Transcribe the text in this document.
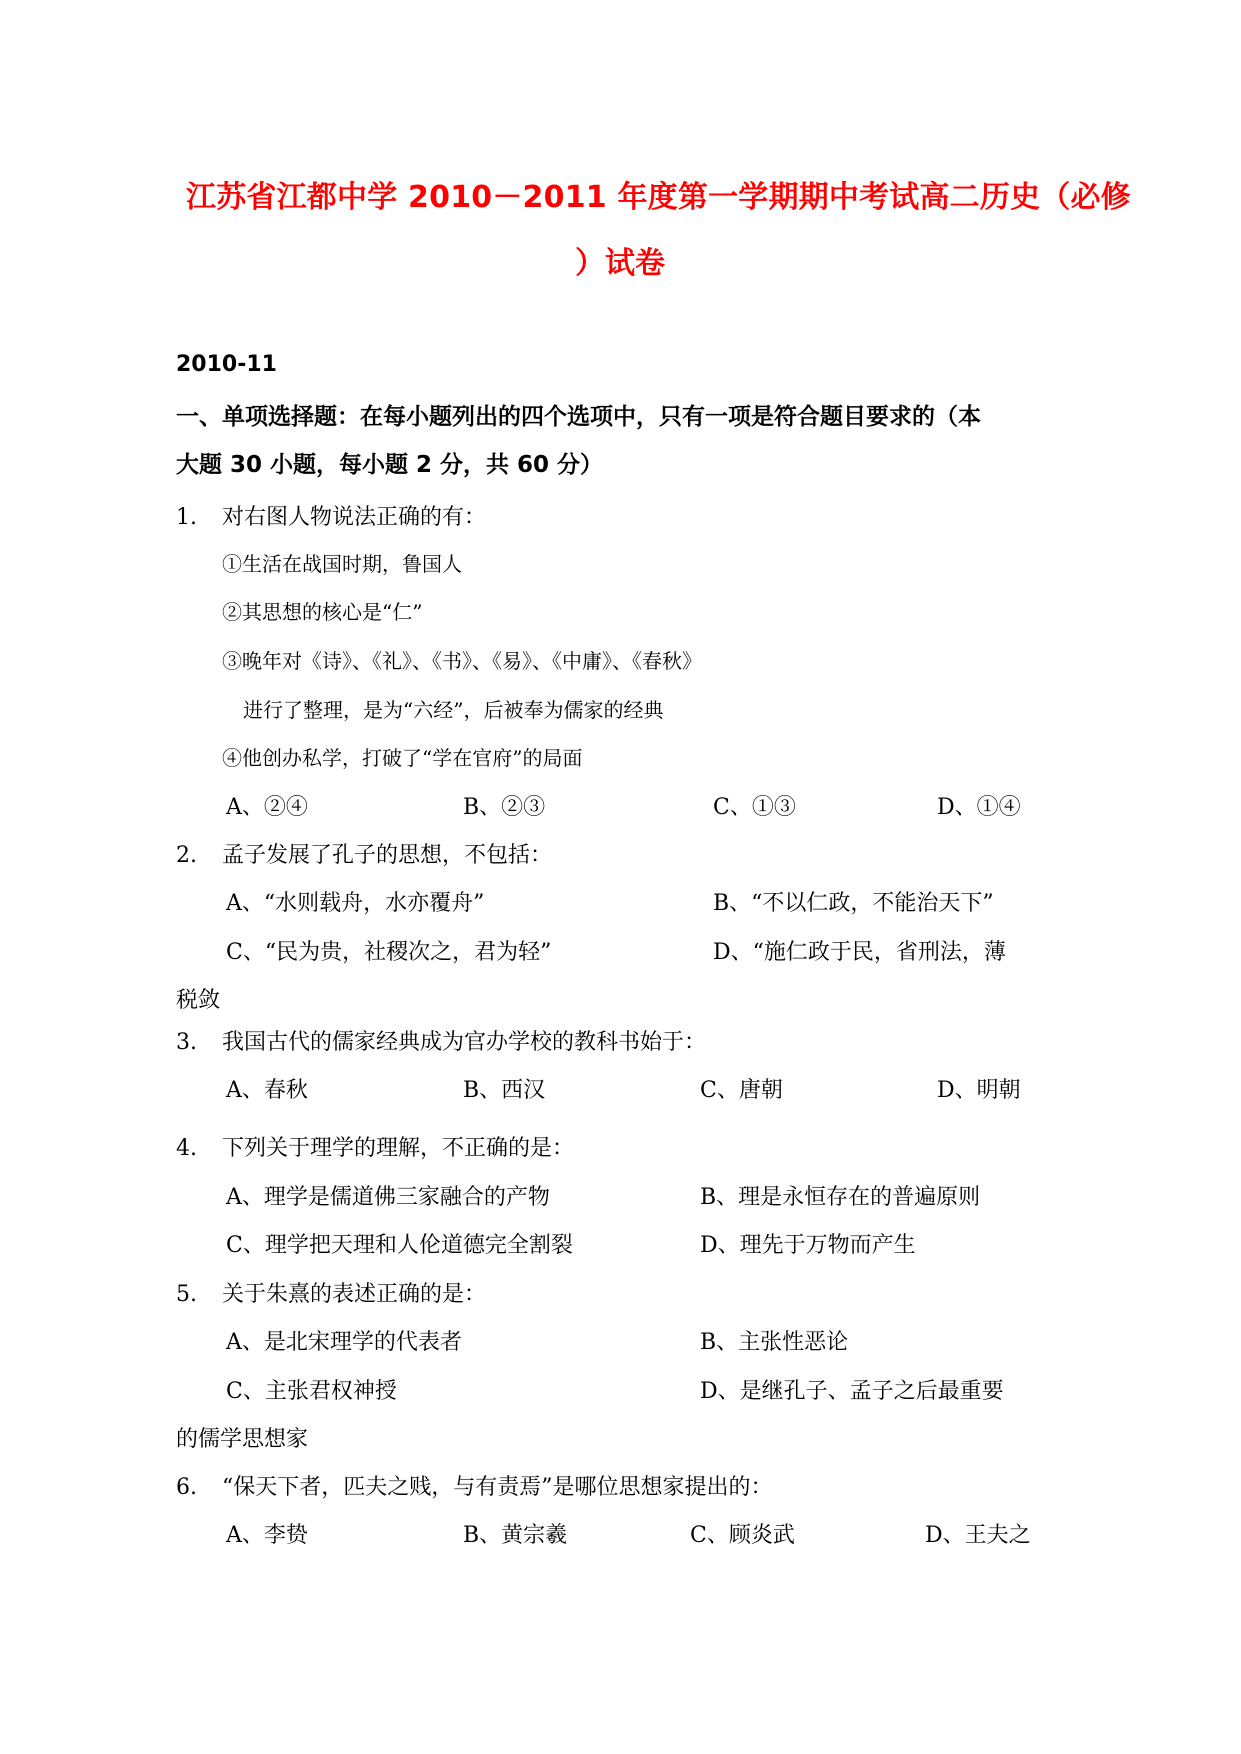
江苏省江都中学 2010－2011 年度第一学期期中考试高二历史（必修
）试卷
2010-11
一、单项选择题：在每小题列出的四个选项中，只有一项是符合题目要求的（本
大题 30 小题，每小题 2 分，共 60 分）
1. 对右图人物说法正确的有：
①生活在战国时期，鲁国人
②其思想的核心是“仁”
③晚年对《诗》、《礼》、《书》、《易》、《中庸》、《春秋》
进行了整理，是为“六经”，后被奉为儒家的经典
④他创办私学，打破了“学在官府”的局面
A、②④	B、②③	C、①③	D、①④
2. 孟子发展了孔子的思想，不包括：
A、“水则载舟，水亦覆舟”	B、“不以仁政，不能治天下”
C、“民为贵，社稷次之，君为轻”	D、“施仁政于民，省刑法，薄
税敛
3. 我国古代的儒家经典成为官办学校的教科书始于：
A、春秋	B、西汉	C、唐朝	D、明朝
4. 下列关于理学的理解，不正确的是：
A、理学是儒道佛三家融合的产物	B、理是永恒存在的普遍原则
C、理学把天理和人伦道德完全割裂	D、理先于万物而产生
5. 关于朱熹的表述正确的是：
A、是北宋理学的代表者	B、主张性恶论
C、主张君权神授	D、是继孔子、孟子之后最重要
的儒学思想家
6. “保天下者，匹夫之贱，与有责焉”是哪位思想家提出的：
A、李贽	B、黄宗羲	C、顾炎武	D、王夫之
